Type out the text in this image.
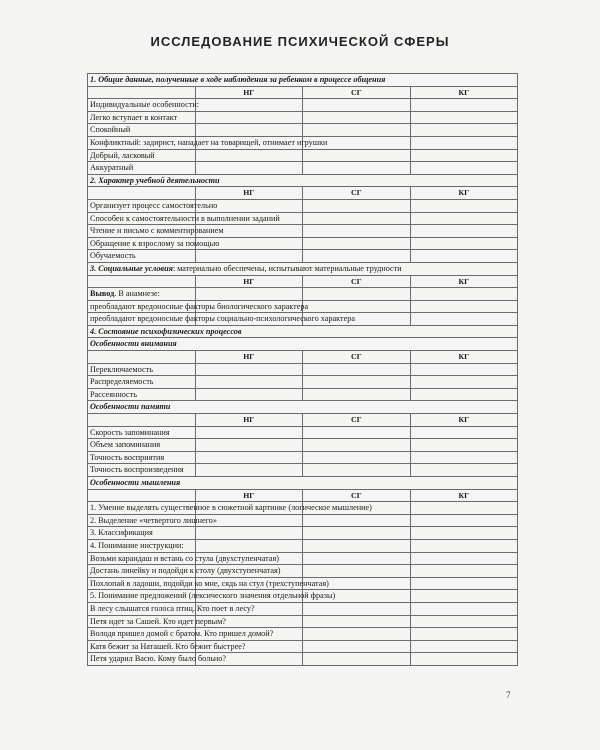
ИССЛЕДОВАНИЕ ПСИХИЧЕСКОЙ СФЕРЫ
1. Общие данные, полученные в ходе наблюдения за ребенком в процессе общения			
	НГ	СГ	КГ
Индивидуальные особенности:			
Легко вступает в контакт			
Спокойный			
Конфликтный: задирист, нападает на товарищей, отнимает игрушки			
Добрый, ласковый			
Аккуратный			
2. Характер учебной деятельности			
	НГ	СГ	КГ
Организует процесс самостоятельно			
Способен к самостоятельности в выполнении заданий			
Чтение и письмо с комментированием			
Обращение к взрослому за помощью			
Обучаемость			
3. Социальные условия: материально обеспечены, испытывают материальные трудности			
	НГ	СГ	КГ
Вывод. В анамнезе:			
преобладают вредоносные факторы биологического характера			
преобладают вредоносные факторы социально-психологического характера			
4. Состояние психофизических процессов			
Особенности внимания			
	НГ	СГ	КГ
Переключаемость			
Распределяемость			
Рассеянность			
Особенности памяти			
	НГ	СГ	КГ
Скорость запоминания			
Объем запоминания			
Точность восприятия			
Точность воспроизведения			
Особенности мышления			
	НГ	СГ	КГ
1. Умение выделять существенное в сюжетной картинке (логическое мышление)			
2. Выделение «четвертого лишнего»			
3. Классификация			
4. Понимание инструкции:			
Возьми карандаш и встань со стула (двухступенчатая)			
Достань линейку и подойди к столу (двухступенчатая)			
Похлопай в ладоши, подойди ко мне, сядь на стул (трехступенчатая)			
5. Понимание предложений (лексического значения отдельной фразы)			
В лесу слышатся голоса птиц. Кто поет в лесу?			
Петя идет за Сашей. Кто идет первым?			
Володя пришел домой с братом. Кто пришел домой?			
Катя бежит за Наташей. Кто бежит быстрее?			
Петя ударил Васю. Кому было больно?			
7
